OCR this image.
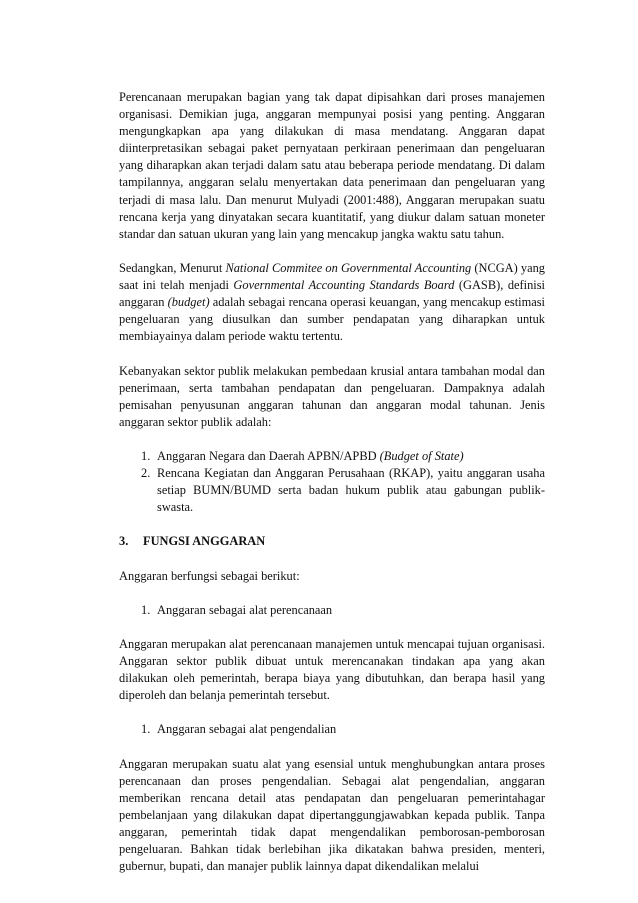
Perencanaan merupakan bagian yang tak dapat dipisahkan dari proses manajemen organisasi. Demikian juga, anggaran mempunyai posisi yang penting. Anggaran mengungkapkan apa yang dilakukan di masa mendatang. Anggaran dapat diinterpretasikan sebagai paket pernyataan perkiraan penerimaan dan pengeluaran yang diharapkan akan terjadi dalam satu atau beberapa periode mendatang. Di dalam tampilannya, anggaran selalu menyertakan data penerimaan dan pengeluaran yang terjadi di masa lalu. Dan menurut Mulyadi (2001:488), Anggaran merupakan suatu rencana kerja yang dinyatakan secara kuantitatif, yang diukur dalam satuan moneter standar dan satuan ukuran yang lain yang mencakup jangka waktu satu tahun.

Sedangkan, Menurut National Commitee on Governmental Accounting (NCGA) yang saat ini telah menjadi Governmental Accounting Standards Board (GASB), definisi anggaran (budget) adalah sebagai rencana operasi keuangan, yang mencakup estimasi pengeluaran yang diusulkan dan sumber pendapatan yang diharapkan untuk membiayainya dalam periode waktu tertentu.

Kebanyakan sektor publik melakukan pembedaan krusial antara tambahan modal dan penerimaan, serta tambahan pendapatan dan pengeluaran. Dampaknya adalah pemisahan penyusunan anggaran tahunan dan anggaran modal tahunan. Jenis anggaran sektor publik adalah:

1. Anggaran Negara dan Daerah APBN/APBD (Budget of State)
2. Rencana Kegiatan dan Anggaran Perusahaan (RKAP), yaitu anggaran usaha setiap BUMN/BUMD serta badan hukum publik atau gabungan publik-swasta.
3. FUNGSI ANGGARAN

Anggaran berfungsi sebagai berikut:

1. Anggaran sebagai alat perencanaan

Anggaran merupakan alat perencanaan manajemen untuk mencapai tujuan organisasi. Anggaran sektor publik dibuat untuk merencanakan tindakan apa yang akan dilakukan oleh pemerintah, berapa biaya yang dibutuhkan, dan berapa hasil yang diperoleh dan belanja pemerintah tersebut.

1. Anggaran sebagai alat pengendalian

Anggaran merupakan suatu alat yang esensial untuk menghubungkan antara proses perencanaan dan proses pengendalian. Sebagai alat pengendalian, anggaran memberikan rencana detail atas pendapatan dan pengeluaran pemerintahagar pembelanjaan yang dilakukan dapat dipertanggungjawabkan kepada publik. Tanpa anggaran, pemerintah tidak dapat mengendalikan pemborosan-pemborosan pengeluaran. Bahkan tidak berlebihan jika dikatakan bahwa presiden, menteri, gubernur, bupati, dan manajer publik lainnya dapat dikendalikan melalui
